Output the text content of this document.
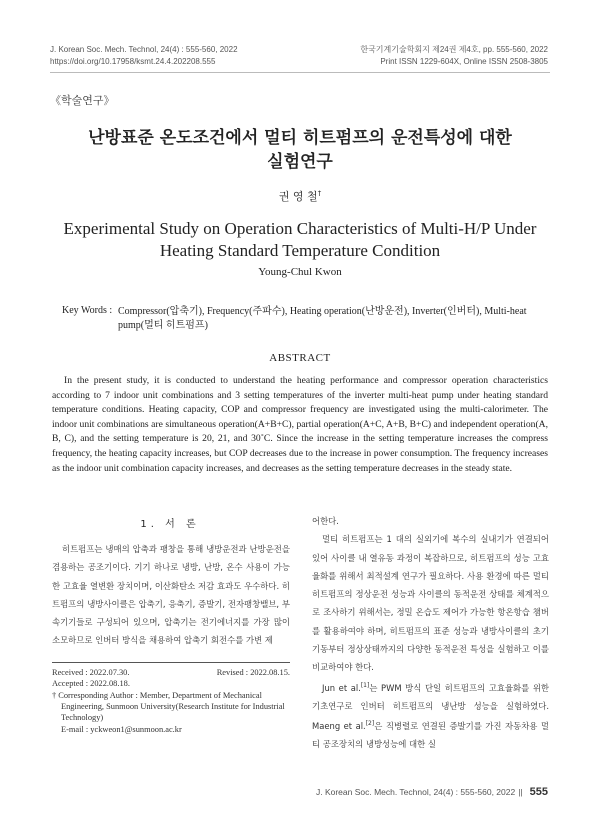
J. Korean Soc. Mech. Technol, 24(4) : 555-560, 2022
https://doi.org/10.17958/ksmt.24.4.202208.555
한국기계기술학회지 제24권 제4호, pp. 555-560, 2022
Print ISSN 1229-604X, Online ISSN 2508-3805
《학술연구》
난방표준 온도조건에서 멀티 히트펌프의 운전특성에 대한
실험연구
권 영 철†
Experimental Study on Operation Characteristics of Multi-H/P Under
Heating Standard Temperature Condition
Young-Chul Kwon
Key Words : Compressor(압축기), Frequency(주파수), Heating operation(난방운전), Inverter(인버터), Multi-heat pump(멀티 히트펌프)
ABSTRACT
In the present study, it is conducted to understand the heating performance and compressor operation characteristics according to 7 indoor unit combinations and 3 setting temperatures of the inverter multi-heat pump under heating standard temperature conditions. Heating capacity, COP and compressor frequency are investigated using the multi-calorimeter. The indoor unit combinations are simultaneous operation(A+B+C), partial operation(A+C, A+B, B+C) and independent operation(A, B, C), and the setting temperature is 20, 21, and 30˚C. Since the increase in the setting temperature increases the compress frequency, the heating capacity increases, but COP decreases due to the increase in power consumption. The frequency increases as the indoor unit combination capacity increases, and decreases as the setting temperature decreases in the steady state.
1. 서 론

히트펌프는 냉매의 압축과 팽창을 통해 냉방운전과 난방운전을 겸용하는 공조기이다. 기기 하나로 냉방, 난방, 온수 사용이 가능한 고효율 열변환 장치이며, 이산화탄소 저감 효과도 우수하다. 히트펌프의 냉방사이클은 압축기, 응축기, 증발기, 전자팽창밸브, 부속기기들로 구성되어 있으며, 압축기는 전기에너지를 가장 많이 소모하므로 인버터 방식을 채용하여 압축기 회전수를 가변 제

어한다.

멀티 히트펌프는 1 대의 실외기에 복수의 실내기가 연결되어 있어 사이클 내 열유동 과정이 복잡하므로, 히트펌프의 성능 고효율화를 위해서 최적설계 연구가 필요하다. 사용 환경에 따른 멀티 히트펌프의 정상운전 성능과 사이클의 동적운전 상태를 체계적으로 조사하기 위해서는, 정밀 온습도 제어가 가능한 항온항습 챔버를 활용하여야 하며, 히트펌프의 표준 성능과 냉방사이클의 초기기동부터 정상상태까지의 다양한 동적운전 특성을 실험하고 이를 비교하여야 한다.

Jun et al.[1]는 PWM 방식 단일 히트펌프의 고효율화를 위한 기초연구로 인버터 히트펌프의 냉난방 성능을 실험하였다. Maeng et al.[2]은 직병렬로 연결된 증발기를 가진 자동차용 멀티 공조장치의 냉방성능에 대한 실

Received : 2022.07.30.	Revised : 2022.08.15.
Accepted : 2022.08.18.
† Corresponding Author : Member, Department of Mechanical Engineering, Sunmoon University(Research Institute for Industrial Technology)
E-mail : yckweon1@sunmoon.ac.kr
J. Korean Soc. Mech. Technol, 24(4) : 555-560, 2022 || 555
